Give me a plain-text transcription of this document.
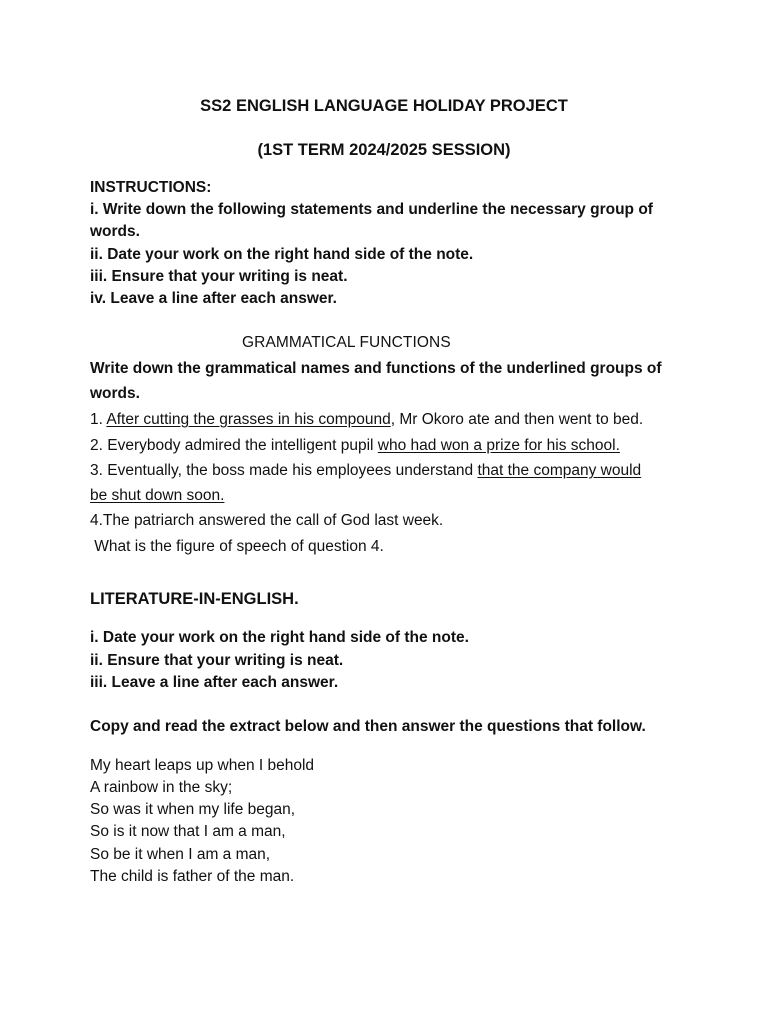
SS2 ENGLISH LANGUAGE HOLIDAY PROJECT
(1ST TERM 2024/2025 SESSION)
INSTRUCTIONS:
i. Write down the following statements and underline the necessary group of
words.
ii. Date your work on the right hand side of the note.
iii. Ensure that your writing is neat.
iv. Leave a line after each answer.
GRAMMATICAL FUNCTIONS
Write down the grammatical names and functions of the underlined groups of
words.
1. After cutting the grasses in his compound, Mr Okoro ate and then went to bed.
2. Everybody admired the intelligent pupil who had won a prize for his school.
3. Eventually, the boss made his employees understand that the company would
be shut down soon.
4.The patriarch answered the call of God last week.
What is the figure of speech of question 4.
LITERATURE-IN-ENGLISH.
i. Date your work on the right hand side of the note.
ii. Ensure that your writing is neat.
iii. Leave a line after each answer.
Copy and read the extract below and then answer the questions that follow.
My heart leaps up when I behold
A rainbow in the sky;
So was it when my life began,
So is it now that I am a man,
So be it when I am a man,
The child is father of the man.
